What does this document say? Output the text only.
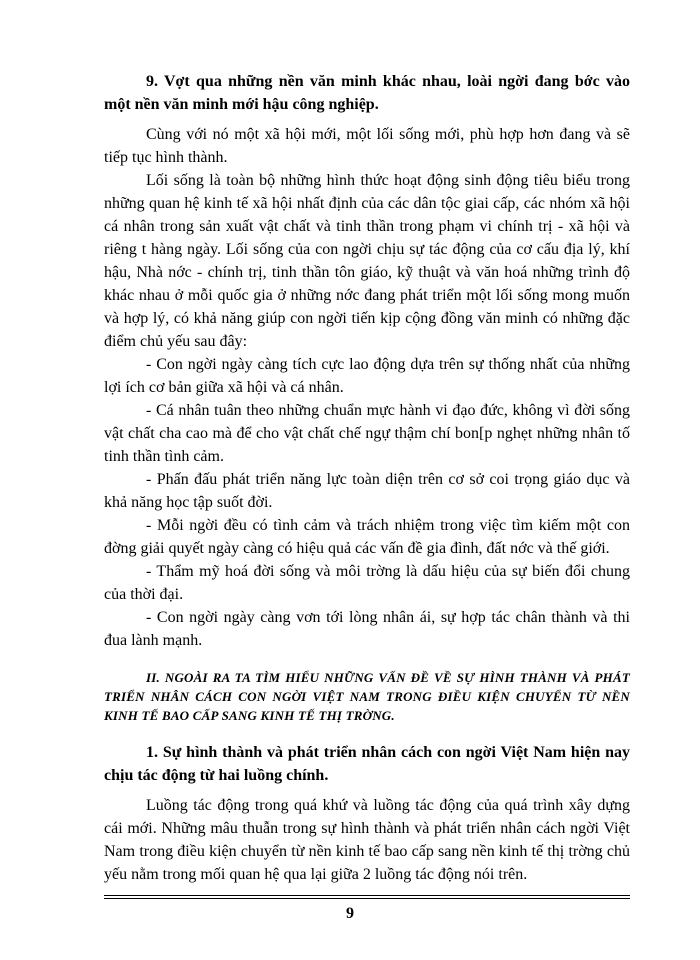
9. Vợt qua những nền văn minh khác nhau, loài ngời đang bớc vào một nền văn minh mới hậu công nghiệp.

Cùng với nó một xã hội mới, một lối sống mới, phù hợp hơn đang và sẽ tiếp tục hình thành.

Lối sống là toàn bộ những hình thức hoạt động sinh động tiêu biểu trong những quan hệ kinh tế xã hội nhất định của các dân tộc giai cấp, các nhóm xã hội cá nhân trong sản xuất vật chất và tinh thần trong phạm vi chính trị - xã hội và riêng t hàng ngày. Lối sống của con ngời chịu sự tác động của cơ cấu địa lý, khí hậu, Nhà nớc - chính trị, tinh thần tôn giáo, kỹ thuật và văn hoá những trình độ khác nhau ở mỗi quốc gia ở những nớc đang phát triển một lối sống mong muốn và hợp lý, có khả năng giúp con ngời tiến kịp cộng đồng văn minh có những đặc điểm chủ yếu sau đây:

- Con ngời ngày càng tích cực lao động dựa trên sự thống nhất của những lợi ích cơ bản giữa xã hội và cá nhân.

- Cá nhân tuân theo những chuẩn mực hành vi đạo đức, không vì đời sống vật chất cha cao mà để cho vật chất chế ngự thậm chí bon[p nghẹt những nhân tố tinh thần tình cảm.

- Phấn đấu phát triển năng lực toàn diện trên cơ sở coi trọng giáo dục và khả năng học tập suốt đời.

- Mỗi ngời đều có tình cảm và trách nhiệm trong việc tìm kiếm một con đờng giải quyết ngày càng có hiệu quả các vấn đề gia đình, đất nớc và thế giới.

- Thẩm mỹ hoá đời sống và môi trờng là dấu hiệu của sự biến đổi chung của thời đại.

- Con ngời ngày càng vơn tới lòng nhân ái, sự hợp tác chân thành và thi đua lành mạnh.

II. NGOÀI RA TA TÌM HIỂU NHỮNG VẤN ĐỀ VỀ SỰ HÌNH THÀNH VÀ PHÁT TRIỂN NHÂN CÁCH CON NGỜI VIỆT NAM TRONG ĐIỀU KIỆN CHUYỂN TỪ NỀN KINH TẾ BAO CẤP SANG KINH TẾ THỊ TRỜNG.
1. Sự hình thành và phát triển nhân cách con ngời Việt Nam hiện nay chịu tác động từ hai luồng chính.

Luồng tác động trong quá khứ và luồng tác động của quá trình xây dựng cái mới. Những mâu thuẫn trong sự hình thành và phát triển nhân cách ngời Việt Nam trong điều kiện chuyển từ nền kinh tế bao cấp sang nền kinh tế thị trờng chủ yếu nằm trong mối quan hệ qua lại giữa 2 luồng tác động nói trên.

9
